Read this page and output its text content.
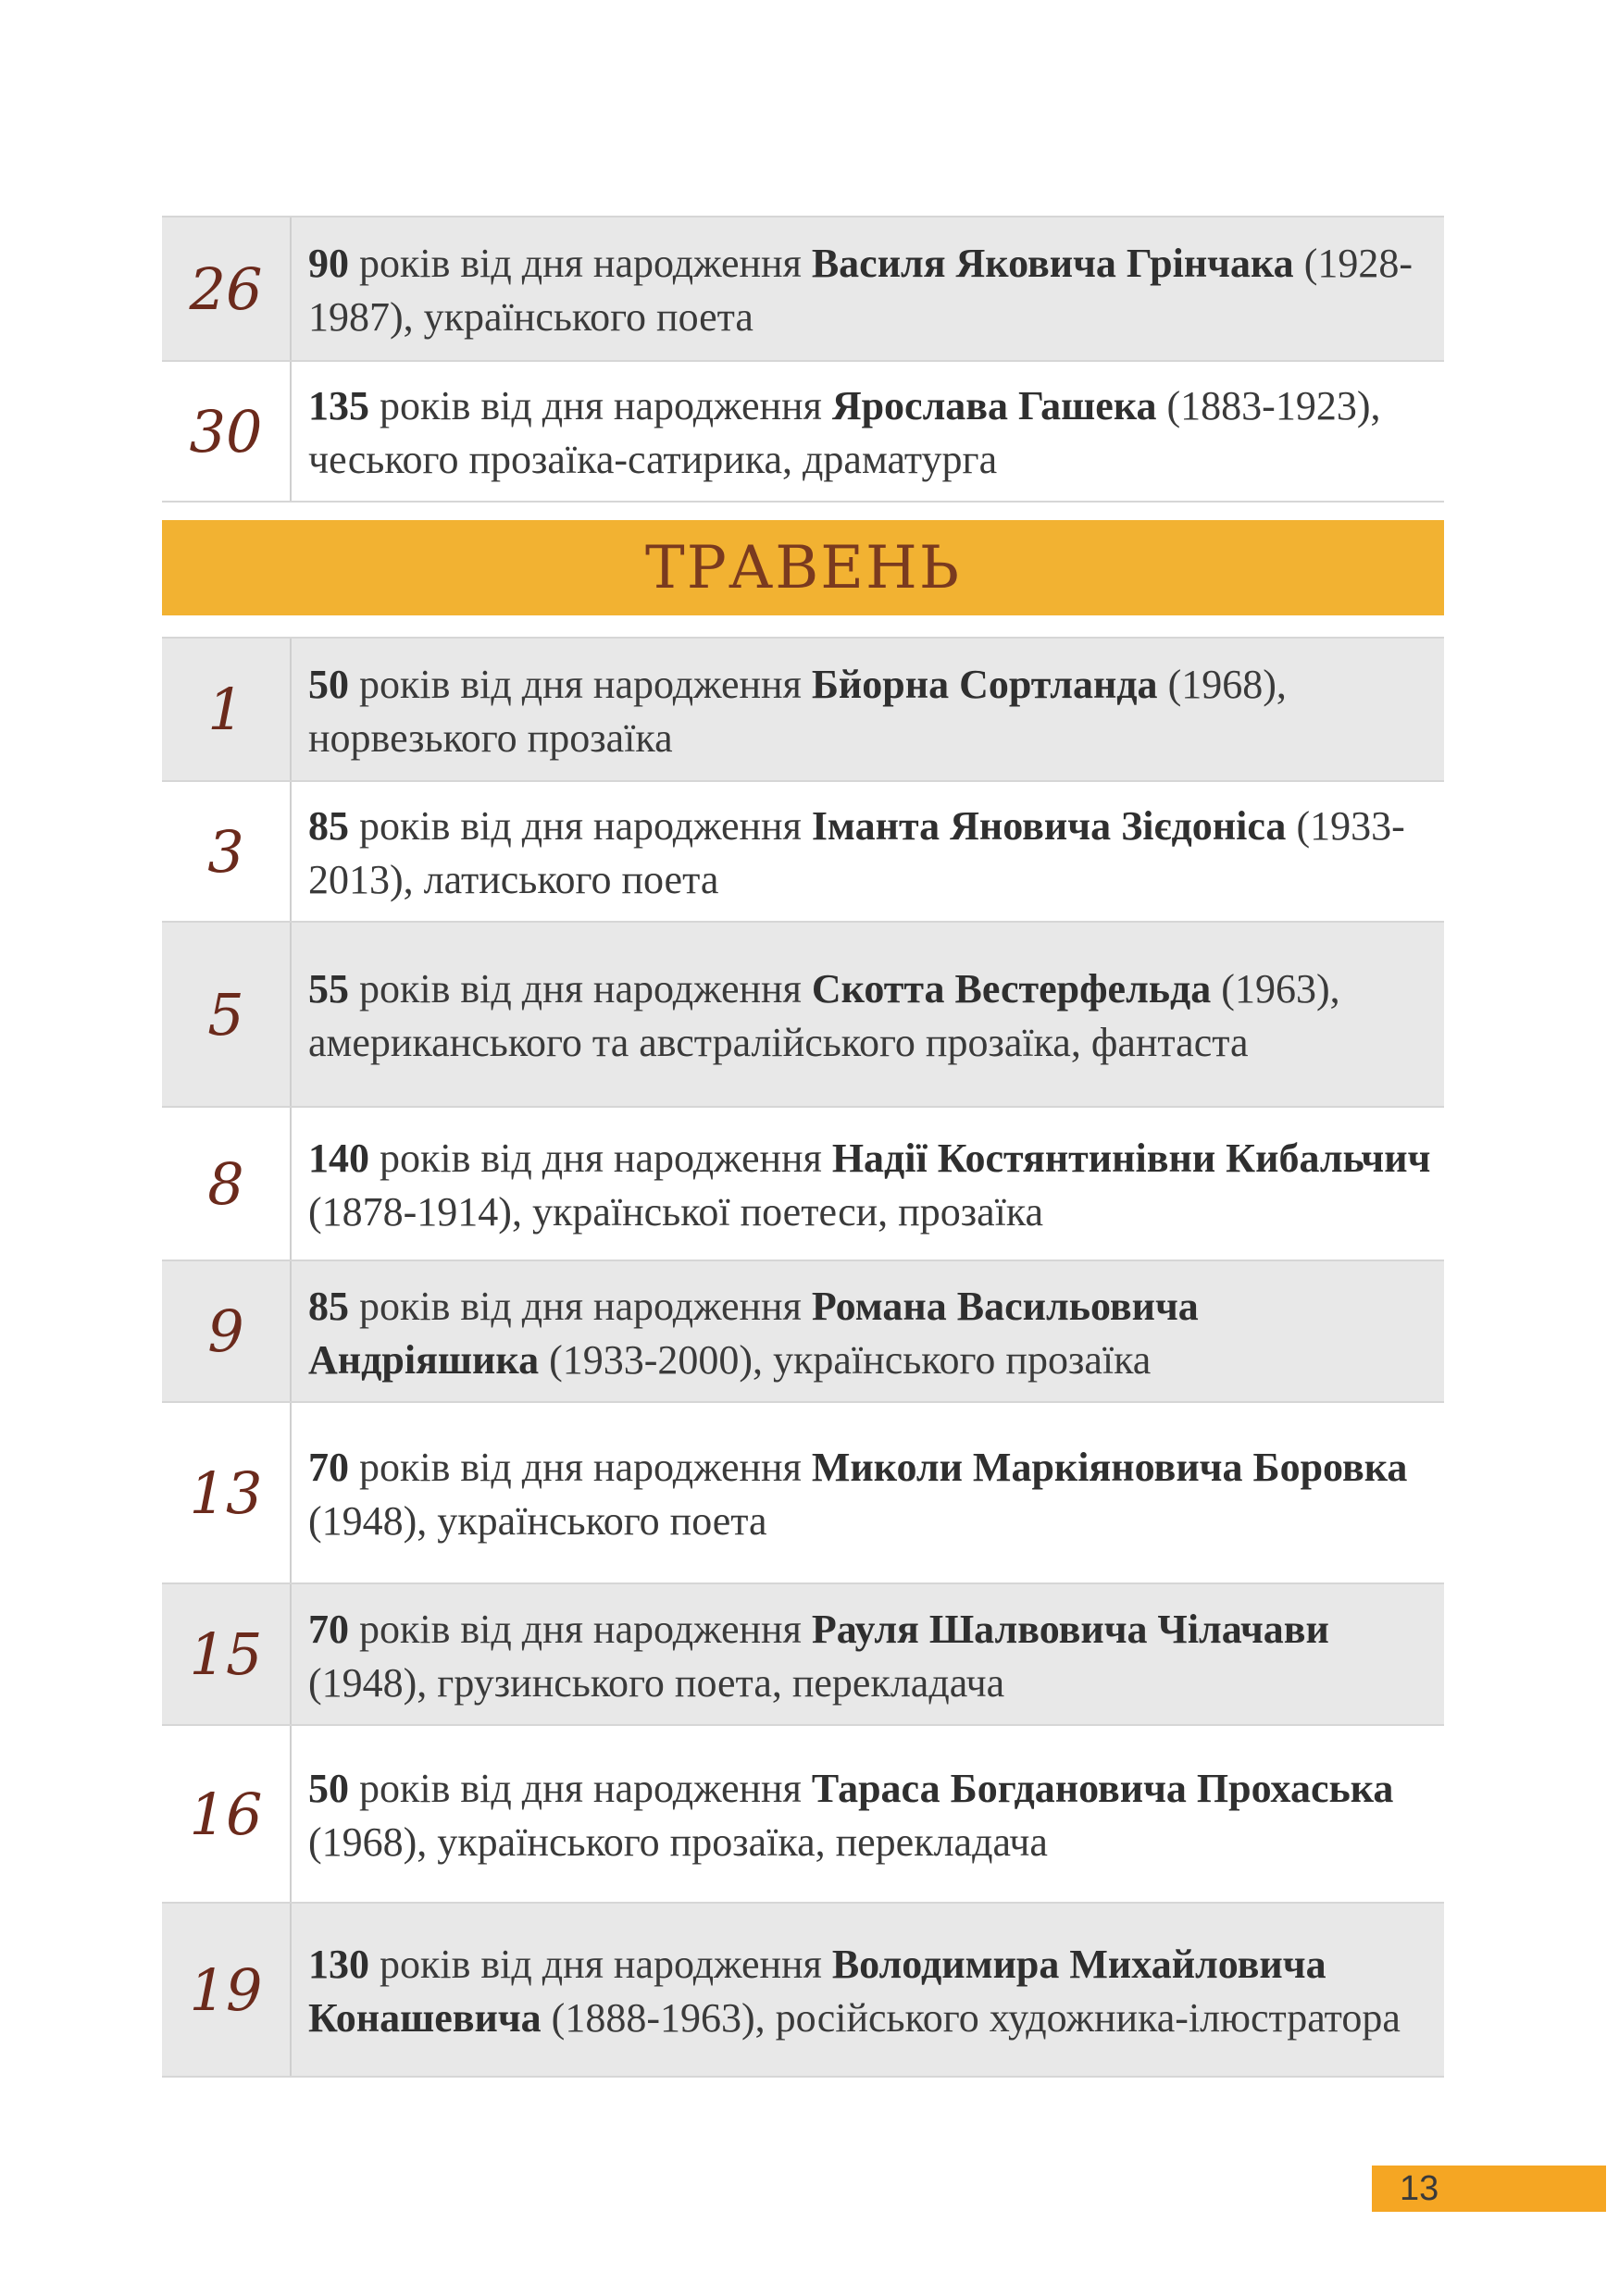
26	90 років від дня народження Василя Яковича Грінчака (1928-1987), українського поета
30	135 років від дня народження Ярослава Гашека (1883-1923), чеського прозаїка-сатирика, драматурга
ТРАВЕНЬ
1	50 років від дня народження Бйорна Сортланда (1968), норвезького прозаїка
3	85 років від дня народження Іманта Яновича Зієдоніса (1933-2013), латиського поета
5	55 років від дня народження Скотта Вестерфельда (1963), американського та австралійського прозаїка, фантаста
8	140 років від дня народження Надії Костянтинівни Кибальчич (1878-1914), української поетеси, прозаїка
9	85 років від дня народження Романа Васильовича Андріяшика (1933-2000), українського прозаїка
13	70 років від дня народження Миколи Маркіяновича Боровка (1948), українського поета
15	70 років від дня народження Рауля Шалвовича Чілачави (1948), грузинського поета, перекладача
16	50 років від дня народження Тараса Богдановича Прохаська (1968), українського прозаїка, перекладача
19	130 років від дня народження Володимира Михайловича Конашевича (1888-1963), російського художника-ілюстратора
13
